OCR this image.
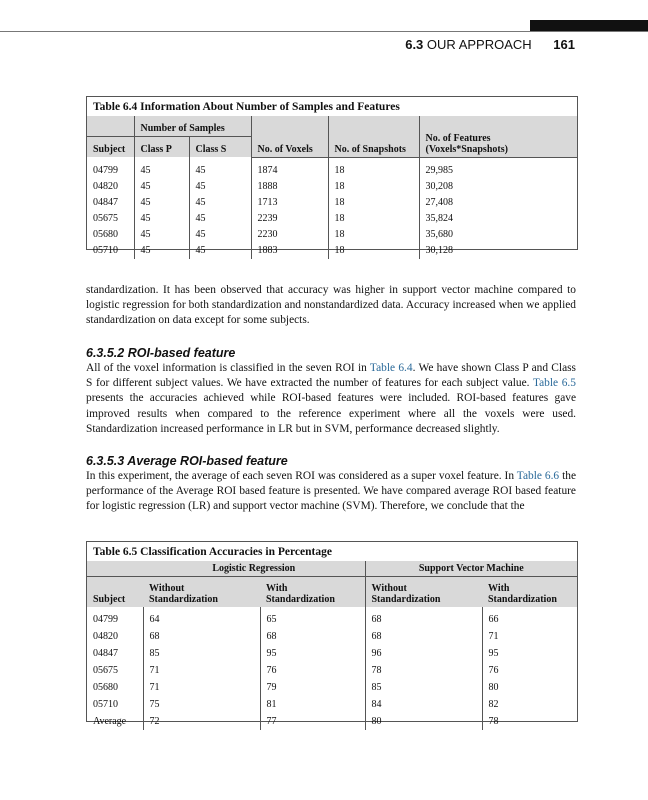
6.3 OUR APPROACH 161
Table 6.4 Information About Number of Samples and Features
	Number of Samples		No. of Voxels	No. of Snapshots	No. of Features (Voxels*Snapshots)
Subject	Class P	Class S			
04799	45	45	1874	18	29,985
04820	45	45	1888	18	30,208
04847	45	45	1713	18	27,408
05675	45	45	2239	18	35,824
05680	45	45	2230	18	35,680
05710	45	45	1883	18	30,128

standardization. It has been observed that accuracy was higher in support vector machine compared to logistic regression for both standardization and nonstandardized data. Accuracy increased when we applied standardization on data except for some subjects.

6.3.5.2 ROI-based feature

All of the voxel information is classified in the seven ROI in Table 6.4. We have shown Class P and Class S for different subject values. We have extracted the number of features for each subject value. Table 6.5 presents the accuracies achieved while ROI-based features were included. ROI-based features gave improved results when compared to the reference experiment where all the voxels were used. Standardization increased performance in LR but in SVM, performance decreased slightly.

6.3.5.3 Average ROI-based feature

In this experiment, the average of each seven ROI was considered as a super voxel feature. In Table 6.6 the performance of the Average ROI based feature is presented. We have compared average ROI based feature for logistic regression (LR) and support vector machine (SVM). Therefore, we conclude that the

Table 6.5 Classification Accuracies in Percentage
	Logistic Regression		Support Vector Machine	
Subject	Without Standardization	With Standardization	Without Standardization	With Standardization
04799	64	65	68	66
04820	68	68	68	71
04847	85	95	96	95
05675	71	76	78	76
05680	71	79	85	80
05710	75	81	84	82
Average	72	77	80	78
